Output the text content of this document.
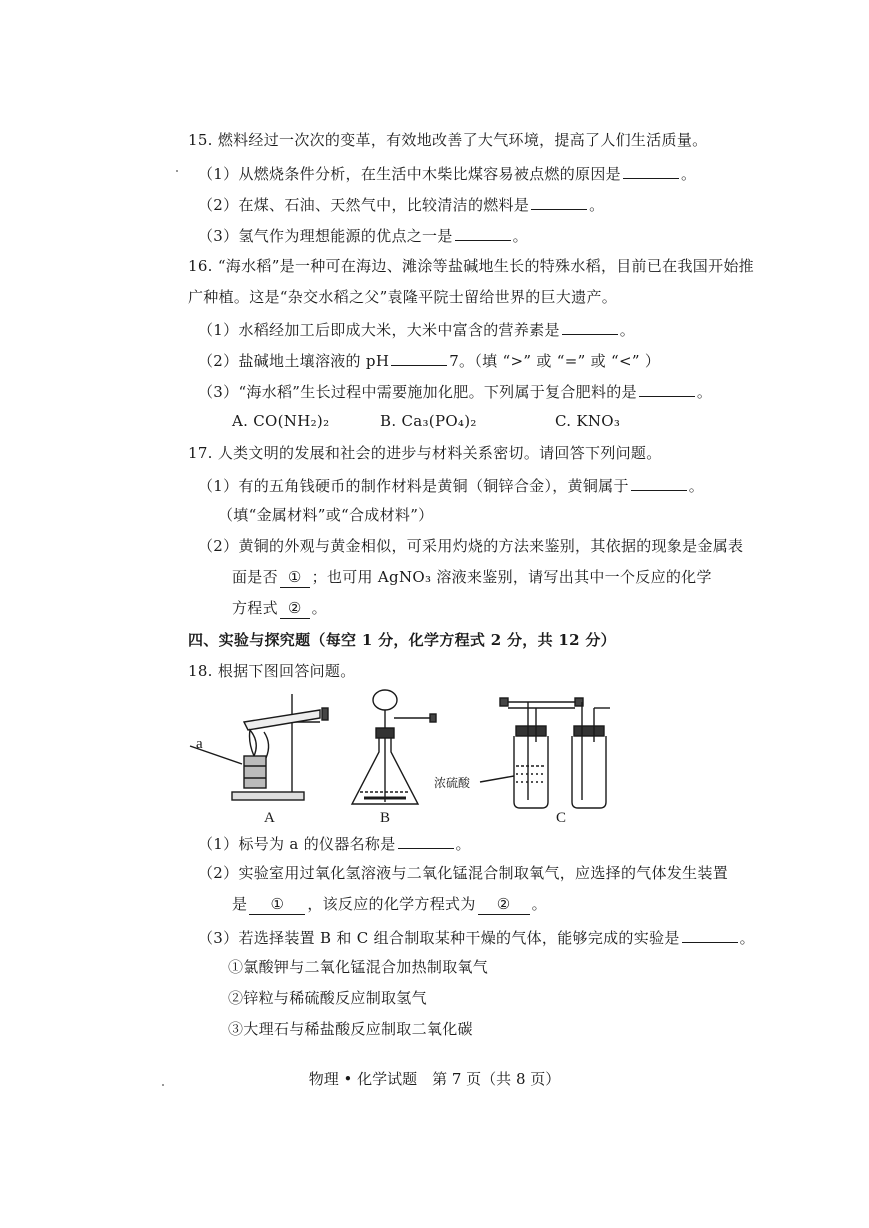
15. 燃料经过一次次的变革，有效地改善了大气环境，提高了人们生活质量。
（1）从燃烧条件分析，在生活中木柴比煤容易被点燃的原因是	。
（2）在煤、石油、天然气中，比较清洁的燃料是	。
（3）氢气作为理想能源的优点之一是	。
16. “海水稻”是一种可在海边、滩涂等盐碱地生长的特殊水稻，目前已在我国开始推
广种植。这是“杂交水稻之父”袁隆平院士留给世界的巨大遗产。
（1）水稻经加工后即成大米，大米中富含的营养素是	。
（2）盐碱地土壤溶液的 pH	7。（填 “>” 或 “=” 或 “<” ）
（3）“海水稻”生长过程中需要施加化肥。下列属于复合肥料的是	。
A. CO(NH₂)₂	B. Ca₃(PO₄)₂	C. KNO₃
17. 人类文明的发展和社会的进步与材料关系密切。请回答下列问题。
（1）有的五角钱硬币的制作材料是黄铜（铜锌合金），黄铜属于	。
（填“金属材料”或“合成材料”）
（2）黄铜的外观与黄金相似，可采用灼烧的方法来鉴别，其依据的现象是金属表
面是否 ① ；也可用 AgNO₃ 溶液来鉴别，请写出其中一个反应的化学
方程式 ② 。
四、实验与探究题（每空 1 分，化学方程式 2 分，共 12 分）
18. 根据下图回答问题。
a
A	B	C
浓硫酸
（1）标号为 a 的仪器名称是	。
（2）实验室用过氧化氢溶液与二氧化锰混合制取氧气，应选择的气体发生装置
是 ① ，该反应的化学方程式为 ② 。
（3）若选择装置 B 和 C 组合制取某种干燥的气体，能够完成的实验是	。
①氯酸钾与二氧化锰混合加热制取氧气
②锌粒与稀硫酸反应制取氢气
③大理石与稀盐酸反应制取二氧化碳
物理 • 化学试题　第 7 页（共 8 页）
